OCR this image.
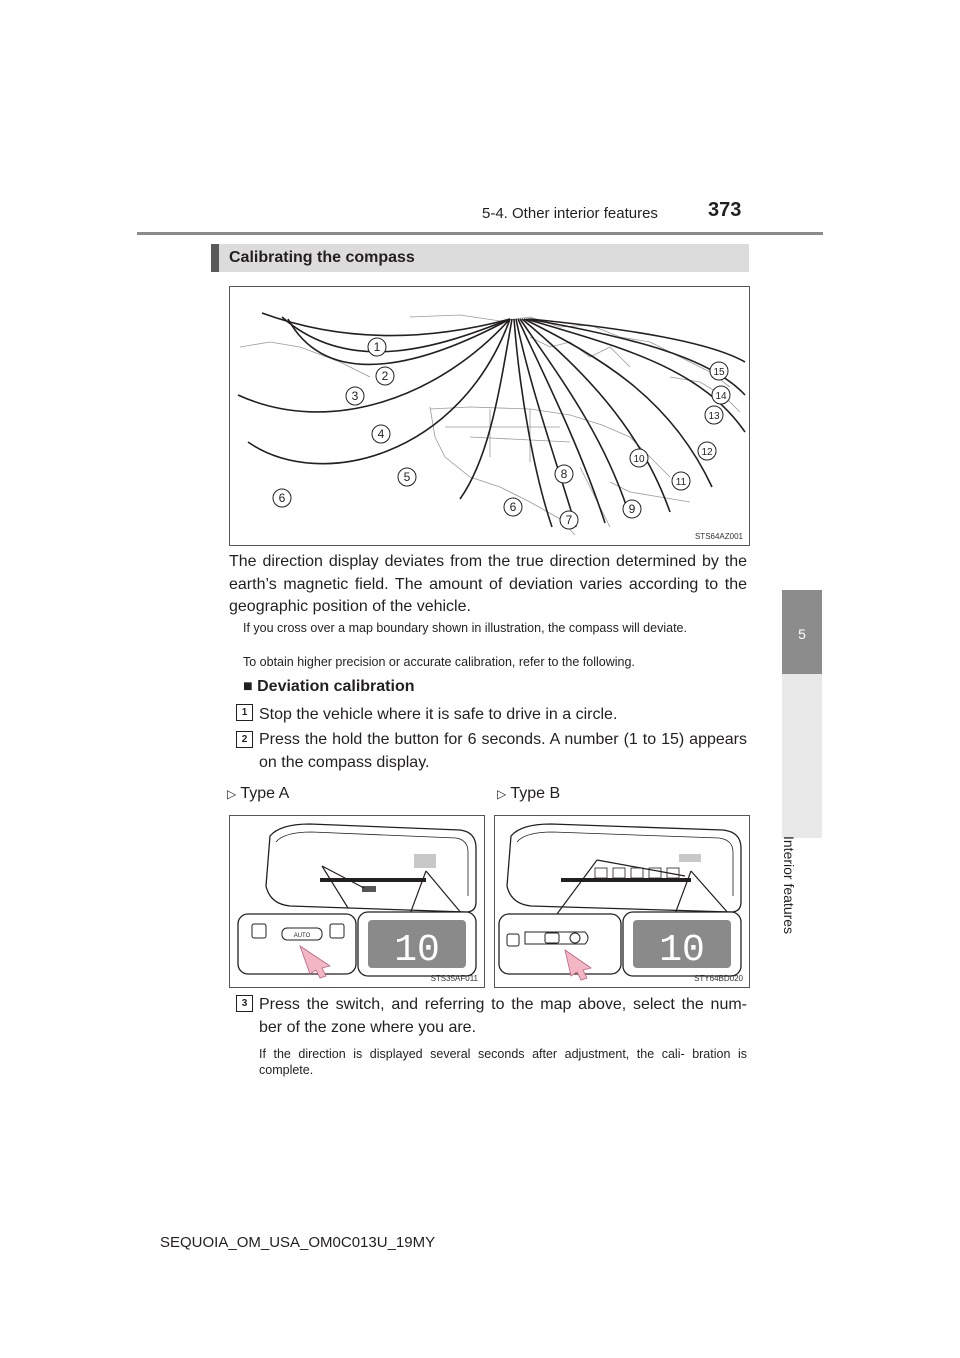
5-4. Other interior features	373
5
Interior features
Calibrating the compass
1
2
3
4
5
6
6
7
8
9
10
11
12
13
14
15
STS64AZ001
The direction display deviates from the true direction determined by the earth’s magnetic field. The amount of deviation varies according to the geographic position of the vehicle.
If you cross over a map boundary shown in illustration, the compass will deviate.
To obtain higher precision or accurate calibration, refer to the following.
■ Deviation calibration
1 Stop the vehicle where it is safe to drive in a circle.
2 Press the hold the button for 6 seconds. A number (1 to 15) appears on the compass display.
▷ Type A	▷ Type B
AUTO 10
STS35AF011
10
STY64BD020
3 Press the switch, and referring to the map above, select the num- ber of the zone where you are.
If the direction is displayed several seconds after adjustment, the cali- bration is complete.
SEQUOIA_OM_USA_OM0C013U_19MY
